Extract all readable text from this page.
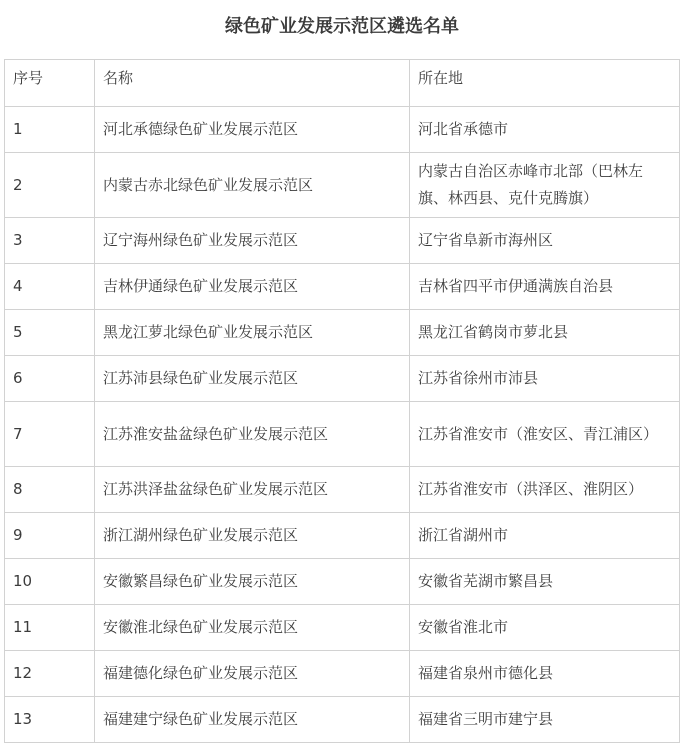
绿色矿业发展示范区遴选名单
序号	名称	所在地
1	河北承德绿色矿业发展示范区	河北省承德市
2	内蒙古赤北绿色矿业发展示范区	内蒙古自治区赤峰市北部（巴林左旗、林西县、克什克腾旗）
3	辽宁海州绿色矿业发展示范区	辽宁省阜新市海州区
4	吉林伊通绿色矿业发展示范区	吉林省四平市伊通满族自治县
5	黑龙江萝北绿色矿业发展示范区	黑龙江省鹤岗市萝北县
6	江苏沛县绿色矿业发展示范区	江苏省徐州市沛县
7	江苏淮安盐盆绿色矿业发展示范区	江苏省淮安市（淮安区、青江浦区）
8	江苏洪泽盐盆绿色矿业发展示范区	江苏省淮安市（洪泽区、淮阴区）
9	浙江湖州绿色矿业发展示范区	浙江省湖州市
10	安徽繁昌绿色矿业发展示范区	安徽省芜湖市繁昌县
11	安徽淮北绿色矿业发展示范区	安徽省淮北市
12	福建德化绿色矿业发展示范区	福建省泉州市德化县
13	福建建宁绿色矿业发展示范区	福建省三明市建宁县
